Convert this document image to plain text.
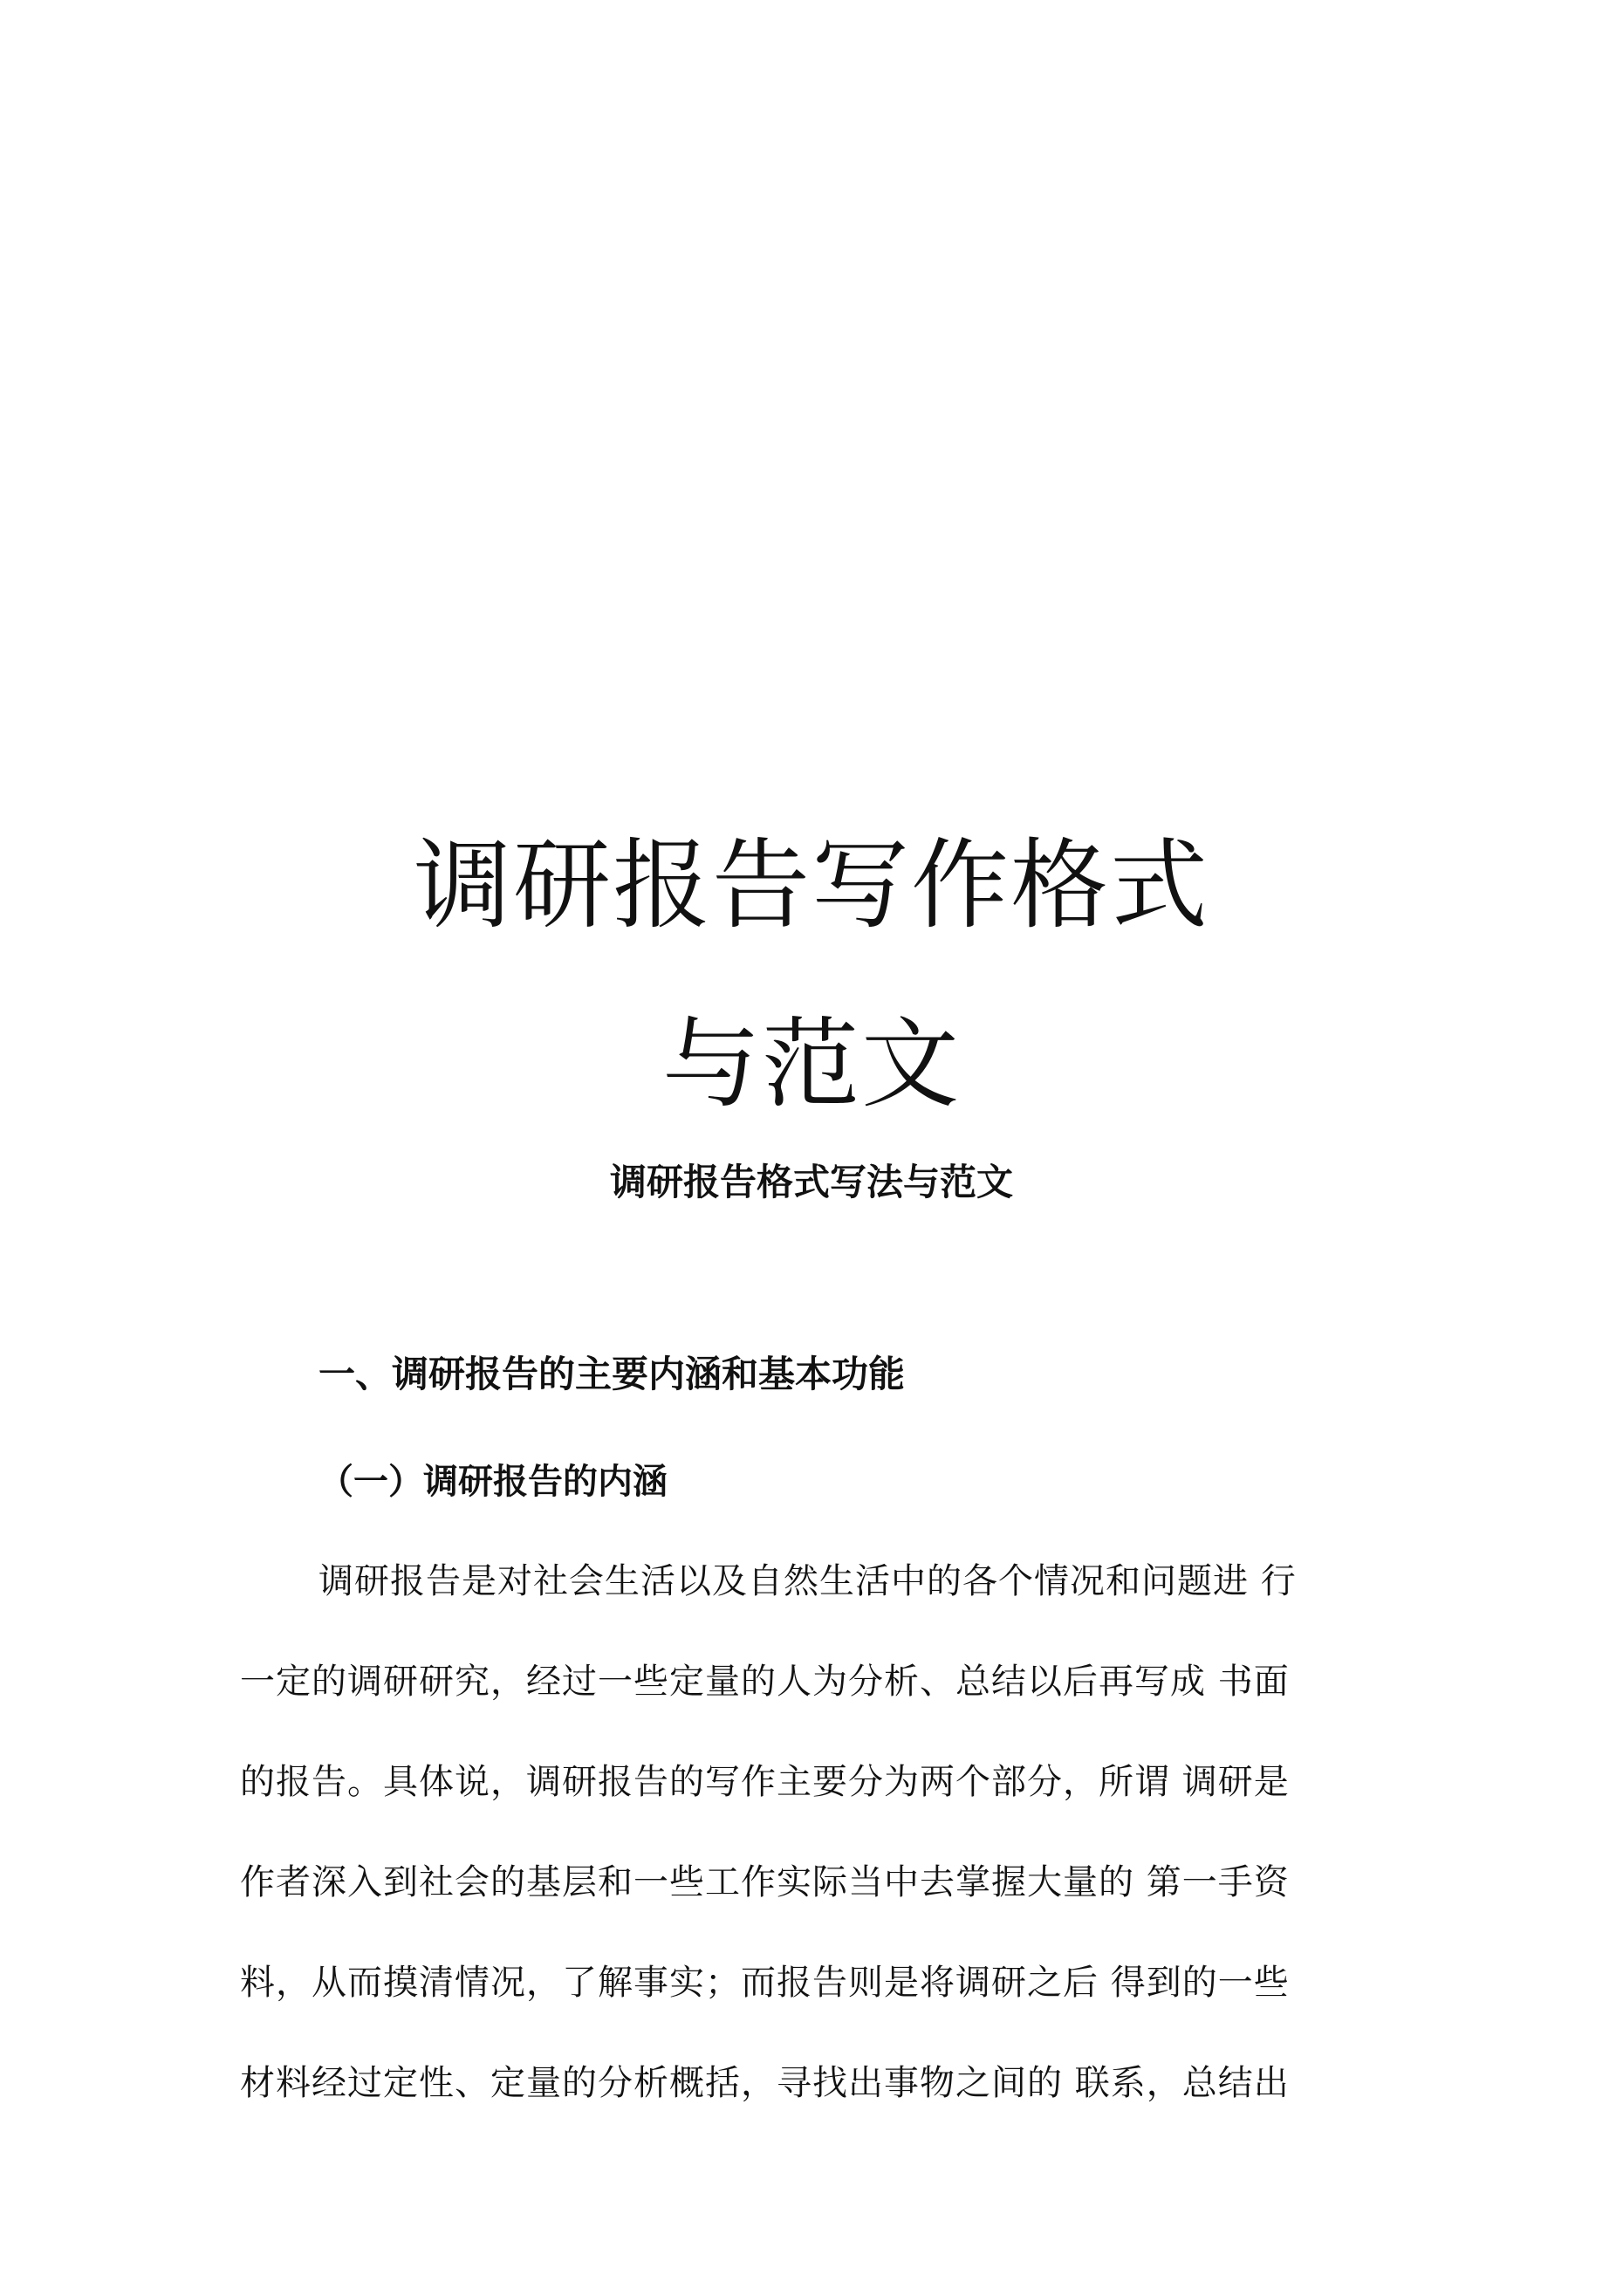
调研报告写作格式
与范文
调研报告格式写法与范文
一、调研报告的主要内涵和基本功能
（一）调研报告的内涵
调研报告是对社会生活以及自然生活中的各个情况和问题进 行
一定的调研研究，经过一些定量的人为分析、总结以后再写成 书面
的报告。具体说，调研报告的写作主要分为两个部分，所谓 调研是
作者深入到社会的基层和一些工作实际当中去掌握大量的 第一手资
料，从而摸清情况，了解事实；而报告则是将调研之后 得到的一些
材料经过定性、定量的分析概括，寻找出事物之间的 联系，总结出
